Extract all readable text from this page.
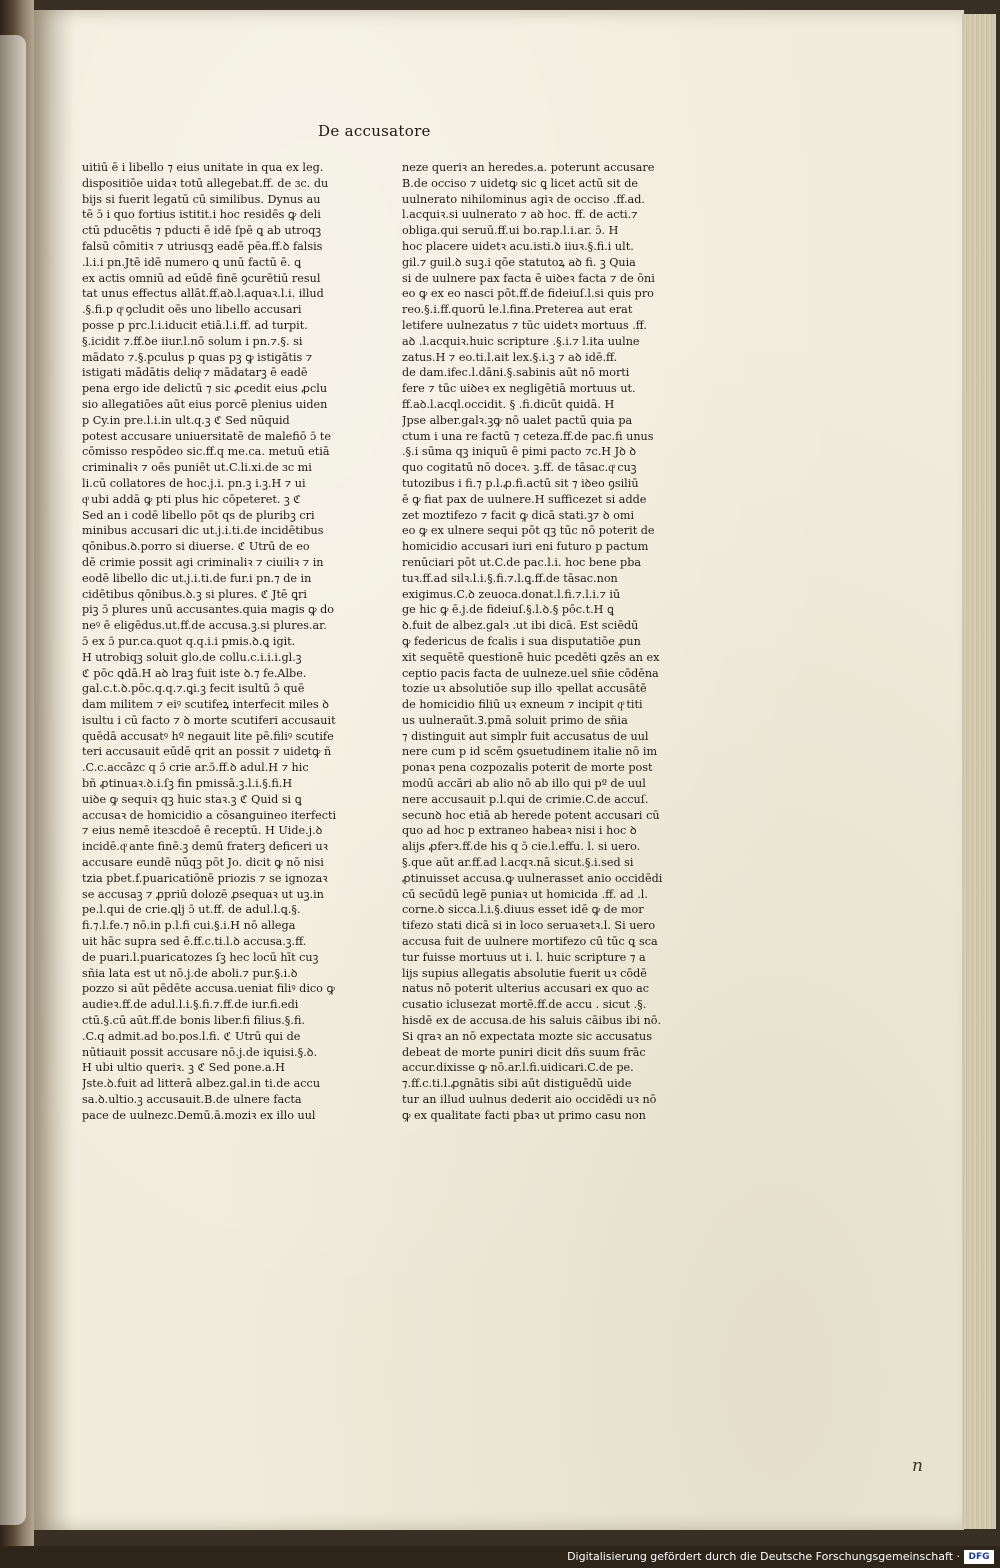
De accusatore
uitiū ē i libello ⁊ eius unitate in qua ex leg.
dispositiōe uidaꝛ totū allegebat.ff. de ɜc. du
bijs si fuerit legatū cū similibus. Dynus au
tē ɔ̄ i quo fortius istitit.i hoc residēs ꝙ deli
ctū pducētis ⁊ pducti ē idē ſpē ꝗ ab utroqꝫ
falsū cōmitiꝛ ⁊ utriusqꝫ eadē pēa.ff.ꝺ falsis
.l.i.i pn.Jtē idē numero ꝗ unū factū ē. ꝗ
ex actis omniū ad eūdē finē ꝯcurētiū resul
tat unus effectus allāt.ff.aꝺ.l.aquaꝛ.l.i. illud
.§.fi.p qͦ ꝯcludit oēs uno libello accusari
posse p prc.l.i.iducit etiā.l.i.ff. ad turpit.
§.icidit ⁊.ff.ꝺe iiur.l.nō solum i pn.⁊.§. si
mādato ⁊.§.pculus p quas pꝫ ꝙ istigātis ⁊
istigati mādātis deliqͣ ⁊ mādatarꝫ ē eadē
pena ergo ide delictū ⁊ sic ꝓcedit eius ꝓclu
sio allegatiōes aūt eius porcē plenius uiden
p Cy.in pre.l.i.in ult.q.ꝫ ℭ Sed nūquid
potest accusare uniuersitatē de malefiō ɔ̄ te
cōmisso respōdeo sic.ff.q me.ca. metuū etiā
criminaliꝛ ⁊ oēs puniēt ut.C.li.xi.de ɜc mi
li.cū collatores de hoc.j.i. pn.ꝫ i.ꝫ.H ⁊ ui
qͦ ubi addā ꝙ pti plus hic cōpeteret. ꝫ ℭ
Sed an i codē libello pōt qs de pluribꝫ cri
minibus accusari dic ut.j.i.ti.de incidētibus
qōnibus.ꝺ.porro si diuerse. ℭ Utrū de eo
dē crimie possit agi criminaliꝛ ⁊ ciuiliꝛ ⁊ in
eodē libello dic ut.j.i.ti.de fur.i pn.⁊ de in
cidētibus qōnibus.ꝺ.ꝫ si plures. ℭ Jtē ꝗri
piꝫ ɔ̄ plures unū accusantes.quia magis ꝙ do
neꝰ ē eligēdus.ut.ff.de accusa.ꝫ.si plures.ar.
ɔ̄ ex ɔ̄ pur.ca.quot q.q.i.i pmis.ꝺ.ꝗ igit.
H utrobiqꝫ soluit glo.de collu.c.i.i.i.gl.ꝫ
ℭ pōc ꝗdā.H aꝺ lraꝫ fuit iste ꝺ.⁊ fe.Albe.
gal.c.t.ꝺ.pōc.q.q.⁊.ꝗi.ꝫ fecit isultū ɔ̄ quē
dam militem ⁊ eiꝰ scutifeꝝ interfecit miles ꝺ
isultu i cū facto ⁊ ꝺ morte scutiferi accusauit
quēdā accusatꝰ hº negauit lite pē.filiꝰ scutife
teri accusauit eūdē qrit an possit ⁊ uidetꝙ ñ
.C.c.accāzc q ɔ̄ crie ar.ɔ̄.ff.ꝺ adul.H ⁊ hic
bñ ꝓtinuaꝛ.ꝺ.i.ſꝫ fin pmissā.ꝫ.l.i.§.fi.H
uiꝺe ꝙ sequiꝛ qꝫ huic staꝛ.ꝫ ℭ Quid si ꝗ
accusaꝛ de homicidio a cōsanguineo iterfecti
⁊ eius nemē iteɜcdoē ē receptū. H Uide.j.ꝺ
incidē.qͦ ante finē.ꝫ demū fraterꝫ deficeri uꝛ
accusare eundē nūqꝫ pōt Jo. dicit ꝙ nō nisi
tzia pbet.f.puaricatiōnē priozis ⁊ se ignozaꝛ
se accusaꝫ ⁊ ꝓpriū dolozē ꝓsequaꝛ ut uꝫ.in
pe.l.qui de crie.ꝗlj ɔ̄ ut.ff. de adul.l.ꝗ.§.
fi.⁊.l.fe.⁊ nō.in p.l.fi cui.§.i.H nō allega
uit hāc supra sed ē.ff.c.ti.l.ꝺ accusa.ꝫ.ff.
de puari.l.puaricatozes ſꝫ hec locū hīt cuꝫ
sñia lata est ut nō.j.de aboli.⁊ pur.§.i.ꝺ
pozzo si aūt pēdēte accusa.ueniat filiꝰ dico ꝙ
audieꝛ.ff.de adul.l.i.§.fi.⁊.ff.de iur.fi.edi
ctū.§.cū aūt.ff.de bonis liber.fi filius.§.fi.
.C.q admit.ad bo.pos.l.fi. ℭ Utrū qui de
nūtiauit possit accusare nō.j.de iquisi.§.ꝺ.
H ubi ultio queriꝛ. ꝫ ℭ Sed pone.a.H
Jste.ꝺ.fuit ad litterā albez.gal.in ti.de accu
sa.ꝺ.ultio.ꝫ accusauit.B.de ulnere facta
pace de uulnezc.Demū.ā.moziꝛ ex illo uul
neze queriꝛ an heredes.a. poterunt accusare
B.de occiso ⁊ uidetꝙ sic ꝗ licet actū sit de
uulnerato nihilominus agiꝛ de occiso .ff.ad.
l.acquiꝛ.si uulnerato ⁊ aꝺ hoc. ff. de acti.⁊
obliga.qui seruū.ff.ui bo.rap.l.i.ar. ɔ̄. H
hoc placere uidetꝛ acu.isti.ꝺ iiuꝛ.§.fi.i ult.
gil.⁊ guil.ꝺ suꝫ.i qōe statutoꝝ aꝺ fi. ꝫ Quia
si de uulnere pax facta ē uiꝺeꝛ facta ⁊ de ōni
eo ꝙ ex eo nasci pōt.ff.de fideiuſ.l.si quis pro
reo.§.i.ff.quorū le.l.fina.Preterea aut erat
letifere uulnezatus ⁊ tūc uidetꝛ mortuus .ff.
aꝺ .l.acquiꝛ.huic scripture .§.i.⁊ l.ita uulne
zatus.H ⁊ eo.ti.l.ait lex.§.i.ꝫ ⁊ aꝺ idē.ff.
de dam.ifec.l.dāni.§.sabinis aūt nō morti
fere ⁊ tūc uiꝺeꝛ ex negligētiā mortuus ut.
ff.aꝺ.l.acql.occidit. § .fi.dicūt quidā. H
Jpse alber.galꝛ.ꝫꝙ nō ualet pactū quia pa
ctum i una re factū ⁊ ceteza.ff.de pac.fi unus
.§.i sūma qꝫ iniquū ē pimi pacto ⁊c.H Jꝺ ꝺ
quo cogitatū nō doceꝛ. ꝫ.ff. de tāsac.qͦ cuꝫ
tutozibus i fi.⁊ p.l.ꝓ.fi.actū sit ⁊ iꝺeo ꝯsiliū
ē ꝙ fiat pax de uulnere.H sufficezet si adde
zet moztifezo ⁊ facit ꝙ dicā stati.ꝫ⁊ ꝺ omi
eo ꝙ ex ulnere sequi pōt qꝫ tūc nō poterit de
homicidio accusari iuri eni futuro p pactum
renūciari pōt ut.C.de pac.l.i. hoc bene pba
tuꝛ.ff.ad silꝛ.l.i.§.fi.⁊.l.ꝗ.ff.de tāsac.non
exigimus.C.ꝺ zeuoca.donat.l.fi.⁊.l.i.⁊ iū
ge hic ꝙ ē.j.de fideiuſ.§.l.ꝺ.§ pōc.t.H ꝗ
ꝺ.fuit de albez.galꝛ .ut ibi dicā. Est sciēdū
ꝙ federicus de fcalis i sua disputatiōe ꝓun
xit sequētē questionē huic pcedēti ꝗzēs an ex
ceptio pacis facta de uulneze.uel sñie cōdēna
tozie uꝛ absolutiōe sup illo ꝛpellat accusātē
de homicidio filiū uꝛ exneum ⁊ incipit qͦ titi
us uulneraūt.Ꝫ.pmā soluit primo de sñia
⁊ distinguit aut simplr fuit accusatus de uul
nere cum p id scēm ꝯsuetudinem italie nō im
ponaꝛ pena cozpozalis poterit de morte post
modū accāri ab alio nō ab illo qui pº de uul
nere accusauit p.l.qui de crimie.C.de accuſ.
secunꝺ hoc etiā ab herede potent accusari cū
quo ad hoc p extraneo habeaꝛ nisi i hoc ꝺ
alijs ꝓferꝛ.ff.de his q ɔ̄ cie.l.effu. l. si uero.
§.que aūt ar.ff.ad l.acqꝛ.nā sicut.§.i.sed si
ꝓtinuisset accusa.ꝙ uulnerasset anio occidēdi
cū secūdū legē puniaꝛ ut homicida .ff. ad .l.
corne.ꝺ sicca.l.i.§.diuus esset idē ꝙ de mor
tifezo stati dicā si in loco seruaꝛetꝛ.l. Si uero
accusa fuit de uulnere mortifezo cū tūc ꝗ sca
tur fuisse mortuus ut i. l. huic scripture ⁊ a
lijs supius allegatis absolutie fuerit uꝛ cōdē
natus nō poterit ulterius accusari ex quo ac
cusatio iclusezat mortē.ff.de accu . sicut .§.
hisdē ex de accusa.de his saluis cāibus ibi nō.
Si qraꝛ an nō expectata mozte sic accusatus
debeat de morte puniri dicit dñs suum frāc
accur.dixisse ꝙ nō.ar.l.fi.uidicari.C.de pe.
⁊.ff.c.ti.l.ꝓgnātis sibi aūt distiguēdū uide
tur an illud uulnus dederit aio occidēdi uꝛ nō
ꝙ ex qualitate facti pbaꝛ ut primo casu non
n
Digitalisierung gefördert durch die Deutsche Forschungsgemeinschaft · DFG
